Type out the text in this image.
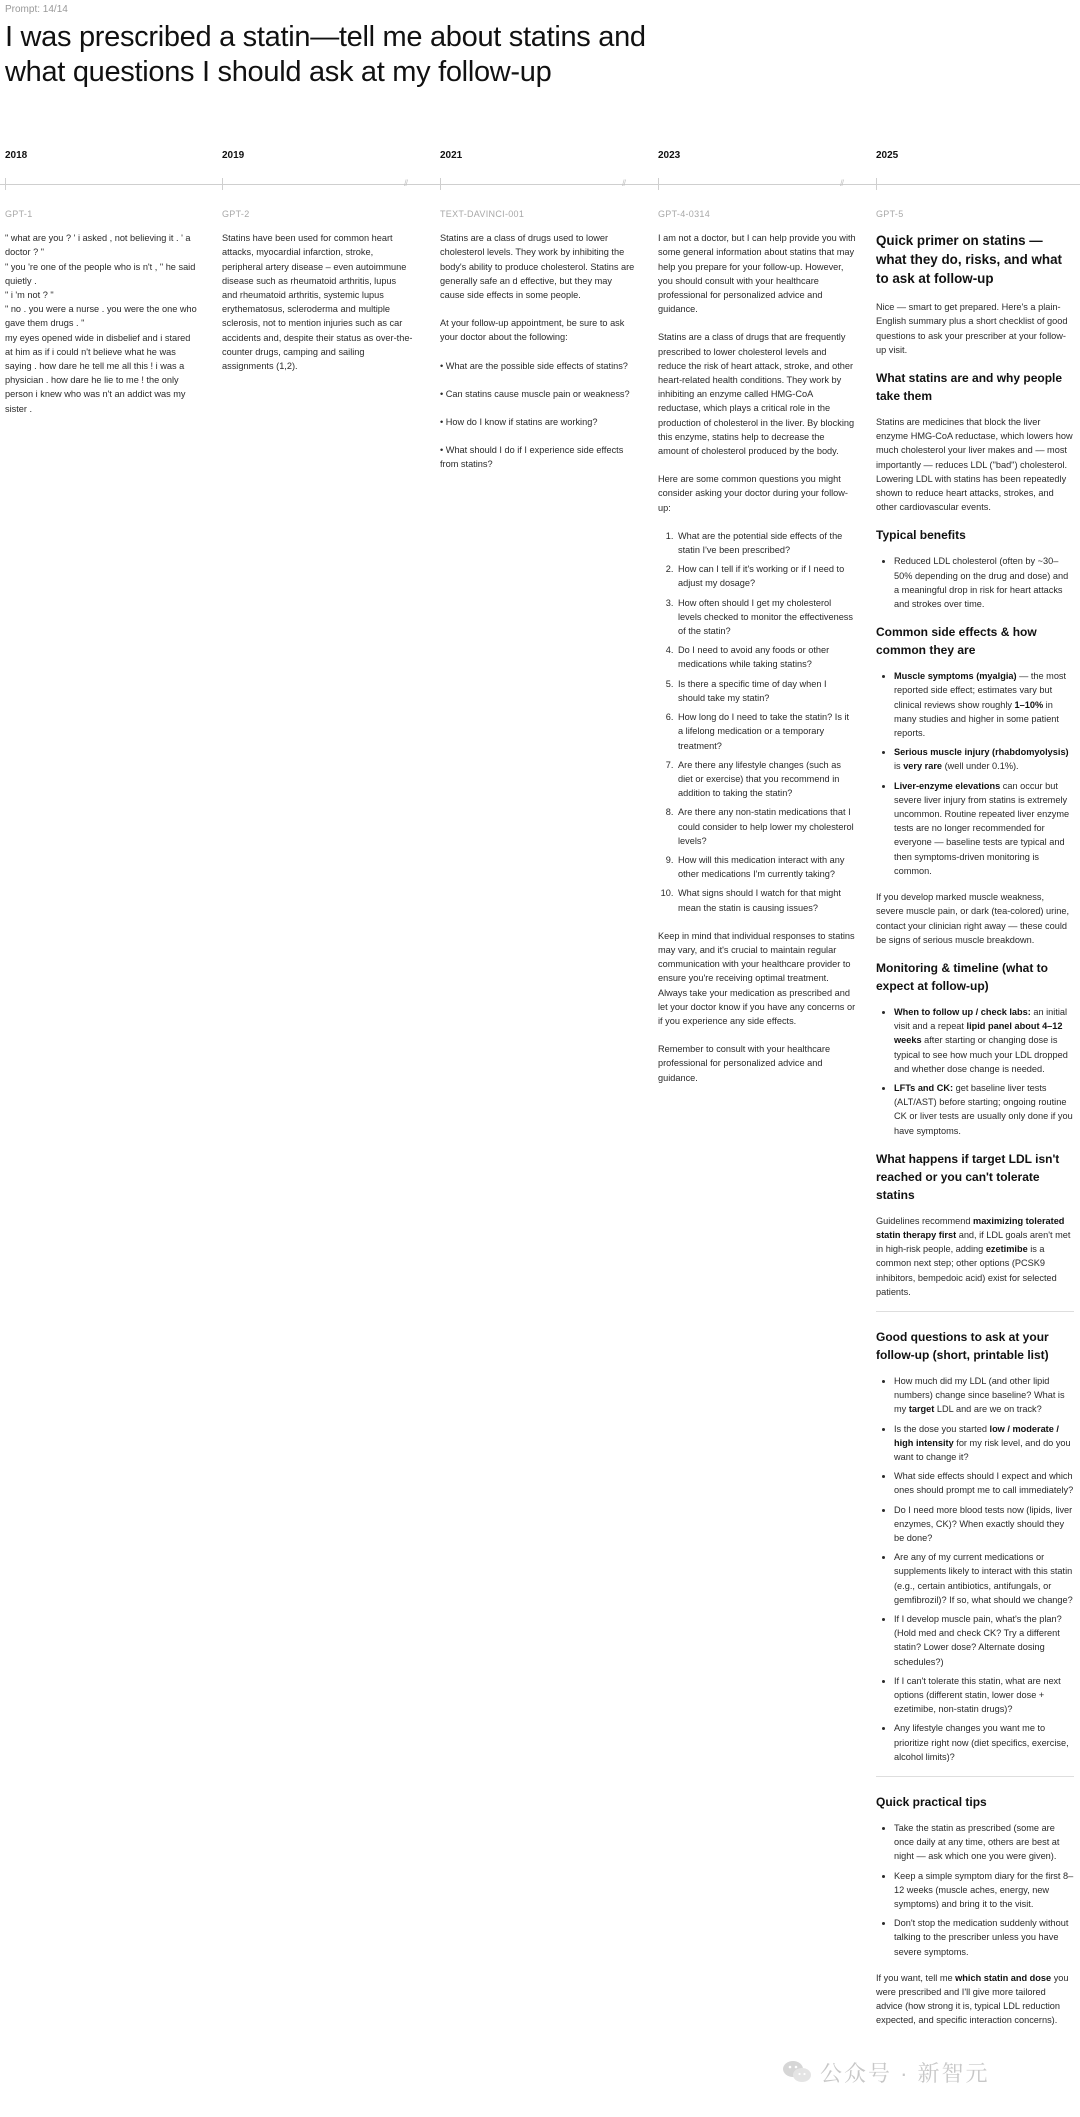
Prompt: 14/14
I was prescribed a statin—tell me about statins and what questions I should ask at my follow-up
2018	2019	2021	2023	2025
//	//	//
GPT-1

" what are you ? ' i asked , not believing it . ' a doctor ? "

" you 're one of the people who is n't , " he said quietly .

" i 'm not ? "

" no . you were a nurse . you were the one who gave them drugs . "

my eyes opened wide in disbelief and i stared at him as if i could n't believe what he was saying . how dare he tell me all this ! i was a physician . how dare he lie to me ! the only person i knew who was n't an addict was my sister .

GPT-2

Statins have been used for common heart attacks, myocardial infarction, stroke, peripheral artery disease – even autoimmune disease such as rheumatoid arthritis, lupus and rheumatoid arthritis, systemic lupus erythematosus, scleroderma and multiple sclerosis, not to mention injuries such as car accidents and, despite their status as over-the-counter drugs, camping and sailing assignments (1,2).

TEXT-DAVINCI-001

Statins are a class of drugs used to lower cholesterol levels. They work by inhibiting the body's ability to produce cholesterol. Statins are generally safe an d effective, but they may cause side effects in some people.

At your follow-up appointment, be sure to ask your doctor about the following:

• What are the possible side effects of statins?

• Can statins cause muscle pain or weakness?

• How do I know if statins are working?

• What should I do if I experience side effects from statins?

GPT-4-0314

I am not a doctor, but I can help provide you with some general information about statins that may help you prepare for your follow-up. However, you should consult with your healthcare professional for personalized advice and guidance.

Statins are a class of drugs that are frequently prescribed to lower cholesterol levels and reduce the risk of heart attack, stroke, and other heart-related health conditions. They work by inhibiting an enzyme called HMG-CoA reductase, which plays a critical role in the production of cholesterol in the liver. By blocking this enzyme, statins help to decrease the amount of cholesterol produced by the body.

Here are some common questions you might consider asking your doctor during your follow-up:

1. What are the potential side effects of the statin I've been prescribed?
2. How can I tell if it's working or if I need to adjust my dosage?
3. How often should I get my cholesterol levels checked to monitor the effectiveness of the statin?
4. Do I need to avoid any foods or other medications while taking statins?
5. Is there a specific time of day when I should take my statin?
6. How long do I need to take the statin? Is it a lifelong medication or a temporary treatment?
7. Are there any lifestyle changes (such as diet or exercise) that you recommend in addition to taking the statin?
8. Are there any non-statin medications that I could consider to help lower my cholesterol levels?
9. How will this medication interact with any other medications I'm currently taking?
10. What signs should I watch for that might mean the statin is causing issues?

Keep in mind that individual responses to statins may vary, and it's crucial to maintain regular communication with your healthcare provider to ensure you're receiving optimal treatment. Always take your medication as prescribed and let your doctor know if you have any concerns or if you experience any side effects.

Remember to consult with your healthcare professional for personalized advice and guidance.

GPT-5
Quick primer on statins — what they do, risks, and what to ask at follow-up

Nice — smart to get prepared. Here's a plain-English summary plus a short checklist of good questions to ask your prescriber at your follow-up visit.

What statins are and why people take them

Statins are medicines that block the liver enzyme HMG-CoA reductase, which lowers how much cholesterol your liver makes and — most importantly — reduces LDL ("bad") cholesterol.

Lowering LDL with statins has been repeatedly shown to reduce heart attacks, strokes, and other cardiovascular events.

Typical benefits
• Reduced LDL cholesterol (often by ~30–50% depending on the drug and dose) and a meaningful drop in risk for heart attacks and strokes over time.
Common side effects & how common they are
• Muscle symptoms (myalgia) — the most reported side effect; estimates vary but clinical reviews show roughly 1–10% in many studies and higher in some patient reports.
• Serious muscle injury (rhabdomyolysis) is very rare (well under 0.1%).
• Liver-enzyme elevations can occur but severe liver injury from statins is extremely uncommon. Routine repeated liver enzyme tests are no longer recommended for everyone — baseline tests are typical and then symptoms-driven monitoring is common.

If you develop marked muscle weakness, severe muscle pain, or dark (tea-colored) urine, contact your clinician right away — these could be signs of serious muscle breakdown.

Monitoring & timeline (what to expect at follow-up)
• When to follow up / check labs: an initial visit and a repeat lipid panel about 4–12 weeks after starting or changing dose is typical to see how much your LDL dropped and whether dose change is needed.
• LFTs and CK: get baseline liver tests (ALT/AST) before starting; ongoing routine CK or liver tests are usually only done if you have symptoms.
What happens if target LDL isn't reached or you can't tolerate statins

Guidelines recommend maximizing tolerated statin therapy first and, if LDL goals aren't met in high-risk people, adding ezetimibe is a common next step; other options (PCSK9 inhibitors, bempedoic acid) exist for selected patients.

Good questions to ask at your follow-up (short, printable list)
• How much did my LDL (and other lipid numbers) change since baseline? What is my target LDL and are we on track?
• Is the dose you started low / moderate / high intensity for my risk level, and do you want to change it?
• What side effects should I expect and which ones should prompt me to call immediately?
• Do I need more blood tests now (lipids, liver enzymes, CK)? When exactly should they be done?
• Are any of my current medications or supplements likely to interact with this statin (e.g., certain antibiotics, antifungals, or gemfibrozil)? If so, what should we change?
• If I develop muscle pain, what's the plan? (Hold med and check CK? Try a different statin? Lower dose? Alternate dosing schedules?)
• If I can't tolerate this statin, what are next options (different statin, lower dose + ezetimibe, non-statin drugs)?
• Any lifestyle changes you want me to prioritize right now (diet specifics, exercise, alcohol limits)?
Quick practical tips
• Take the statin as prescribed (some are once daily at any time, others are best at night — ask which one you were given).
• Keep a simple symptom diary for the first 8–12 weeks (muscle aches, energy, new symptoms) and bring it to the visit.
• Don't stop the medication suddenly without talking to the prescriber unless you have severe symptoms.

If you want, tell me which statin and dose you were prescribed and I'll give more tailored advice (how strong it is, typical LDL reduction expected, and specific interaction concerns).

公众号 · 新智元
